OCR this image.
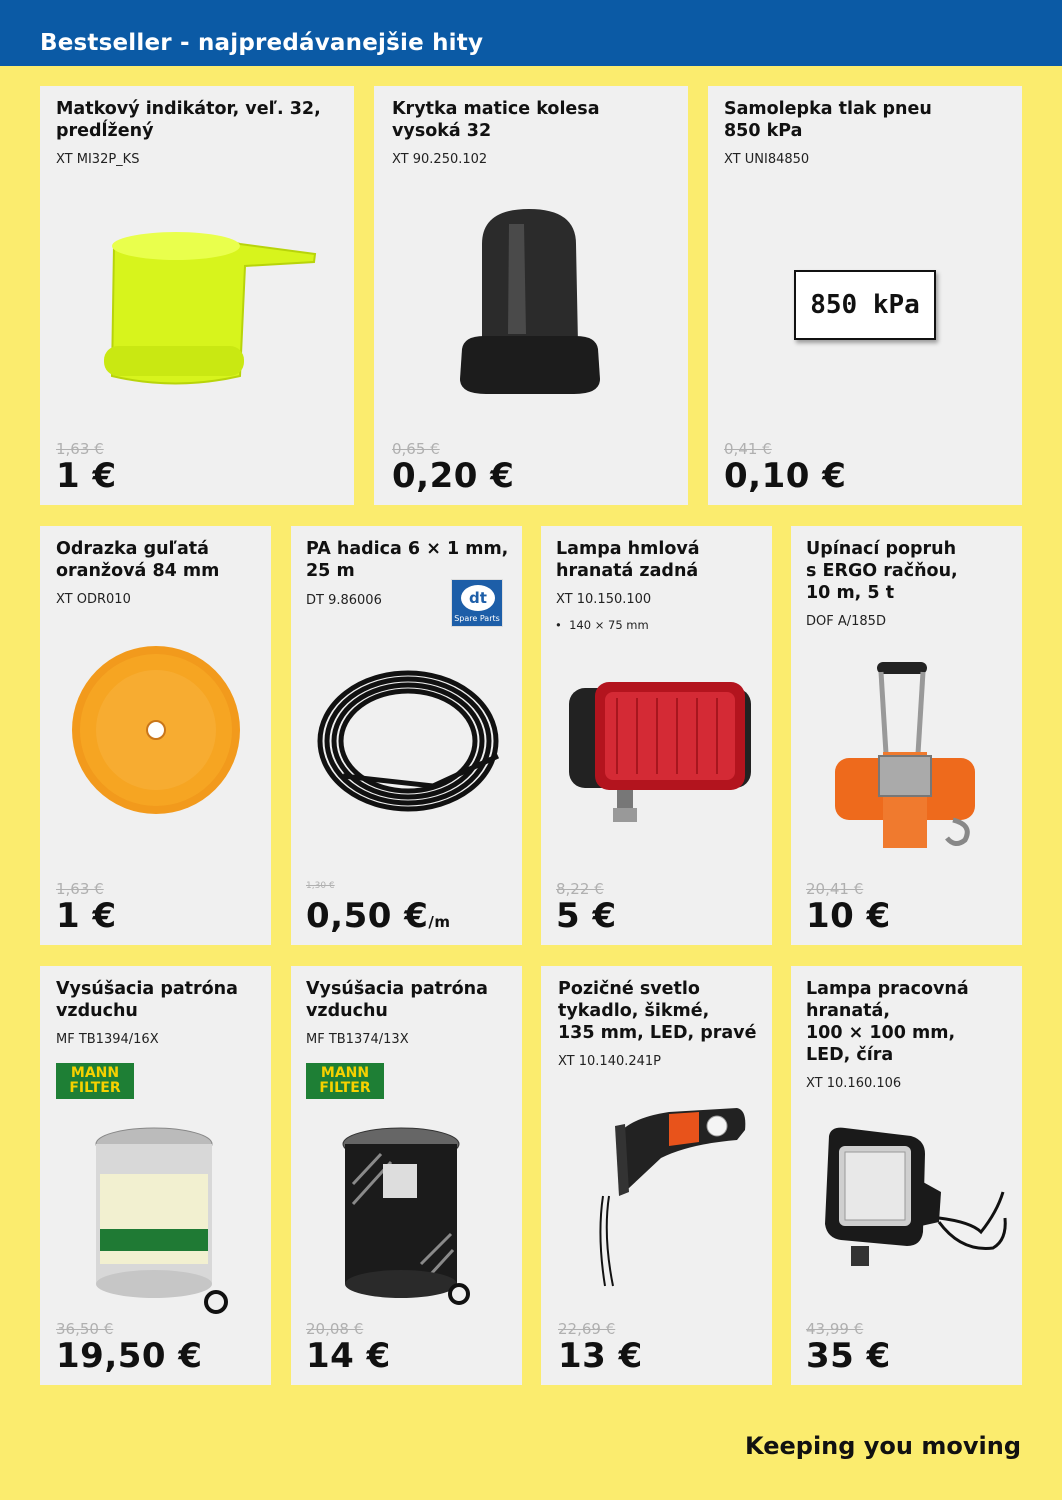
Bestseller - najpredávanejšie hity
Matkový indikátor, veľ. 32,
predĺžený
XT MI32P_KS
1,63 €
1 €
Krytka matice kolesa
vysoká 32
XT 90.250.102
0,65 €
0,20 €
Samolepka tlak pneu
850 kPa
XT UNI84850
850 kPa
0,41 €
0,10 €
Odrazka guľatá
oranžová 84 mm
XT ODR010
1,63 €
1 €
PA hadica 6 × 1 mm,
25 m
DT 9.86006	dt
Spare Parts
1,30 €
0,50 €/m
Lampa hmlová
hranatá zadná
XT 10.150.100
•  140 × 75 mm
8,22 €
5 €
Upínací popruh
s ERGO račňou,
10 m, 5 t
DOF A/185D
20,41 €
10 €
Vysúšacia patróna
vzduchu
MF TB1394/16X
MANN
FILTER
36,50 €
19,50 €
Vysúšacia patróna
vzduchu
MF TB1374/13X
MANN
FILTER
20,08 €
14 €
Pozičné svetlo
tykadlo, šikmé,
135 mm, LED, pravé
XT 10.140.241P
22,69 €
13 €
Lampa pracovná
hranatá,
100 × 100 mm,
LED, číra
XT 10.160.106
43,99 €
35 €
Keeping you moving
